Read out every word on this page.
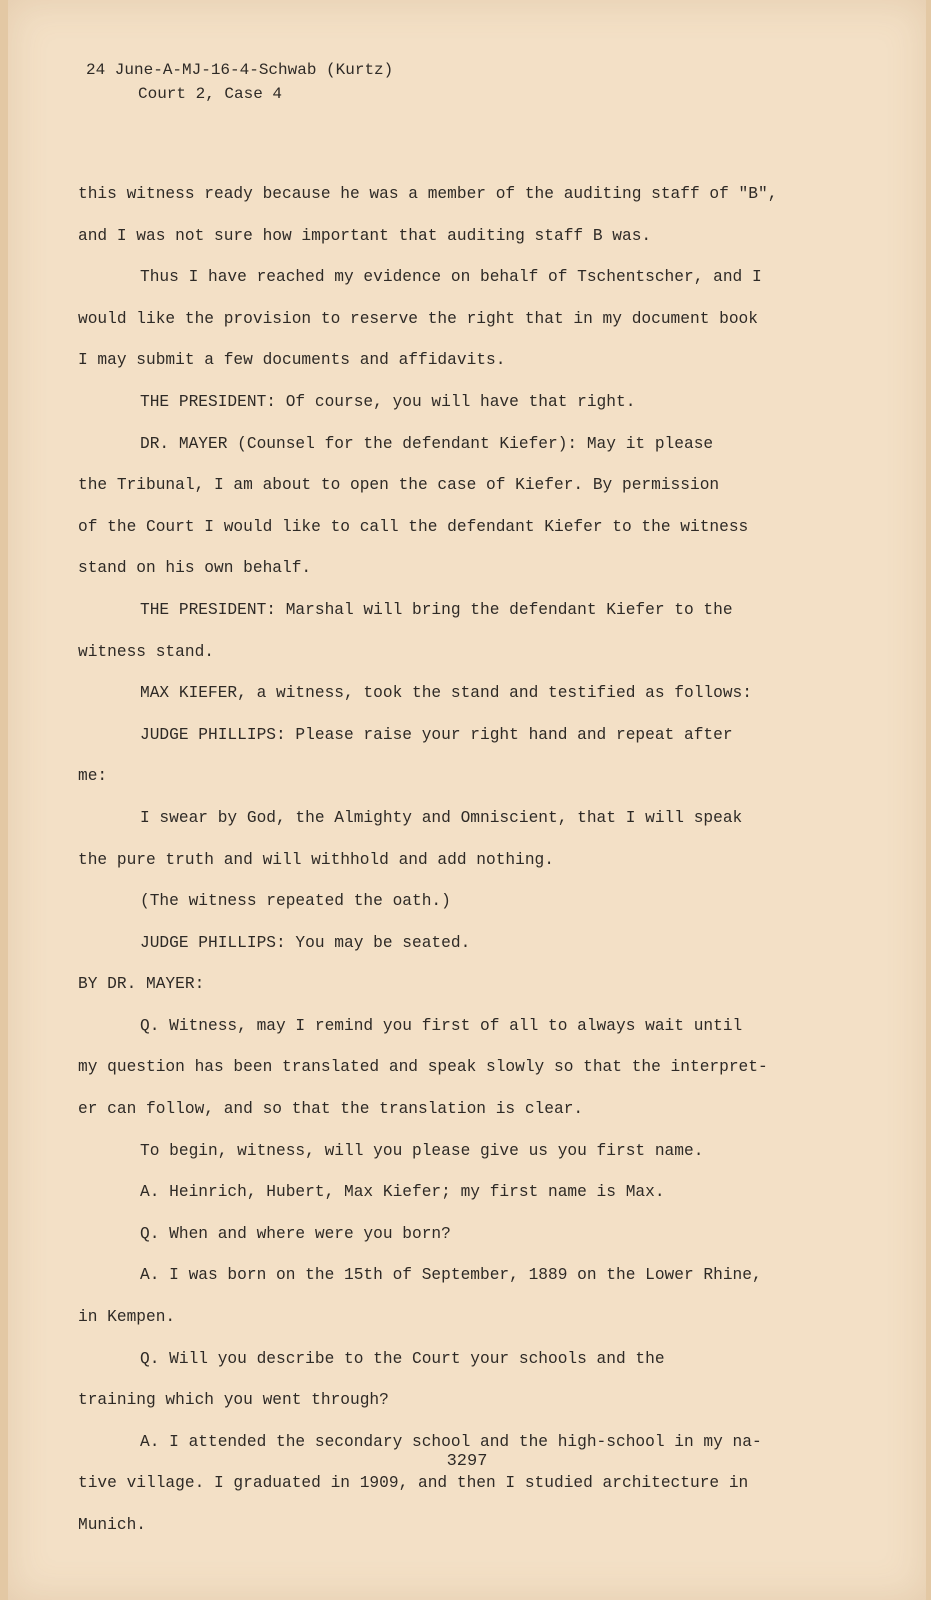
24 June-A-MJ-16-4-Schwab (Kurtz)
Court 2, Case 4
this witness ready because he was a member of the auditing staff of "B",
and I was not sure how important that auditing staff B was.
Thus I have reached my evidence on behalf of Tschentscher, and I
would like the provision to reserve the right that in my document book
I may submit a few documents and affidavits.
THE PRESIDENT: Of course, you will have that right.
DR. MAYER (Counsel for the defendant Kiefer): May it please
the Tribunal, I am about to open the case of Kiefer. By permission
of the Court I would like to call the defendant Kiefer to the witness
stand on his own behalf.
THE PRESIDENT: Marshal will bring the defendant Kiefer to the
witness stand.
MAX KIEFER, a witness, took the stand and testified as follows:
JUDGE PHILLIPS: Please raise your right hand and repeat after
me:
I swear by God, the Almighty and Omniscient, that I will speak
the pure truth and will withhold and add nothing.
(The witness repeated the oath.)
JUDGE PHILLIPS: You may be seated.
BY DR. MAYER:
Q. Witness, may I remind you first of all to always wait until
my question has been translated and speak slowly so that the interpret-
er can follow, and so that the translation is clear.
To begin, witness, will you please give us you first name.
A. Heinrich, Hubert, Max Kiefer; my first name is Max.
Q. When and where were you born?
A. I was born on the 15th of September, 1889 on the Lower Rhine,
in Kempen.
Q. Will you describe to the Court your schools and the
training which you went through?
A. I attended the secondary school and the high-school in my na-
tive village. I graduated in 1909, and then I studied architecture in
Munich.
3297
